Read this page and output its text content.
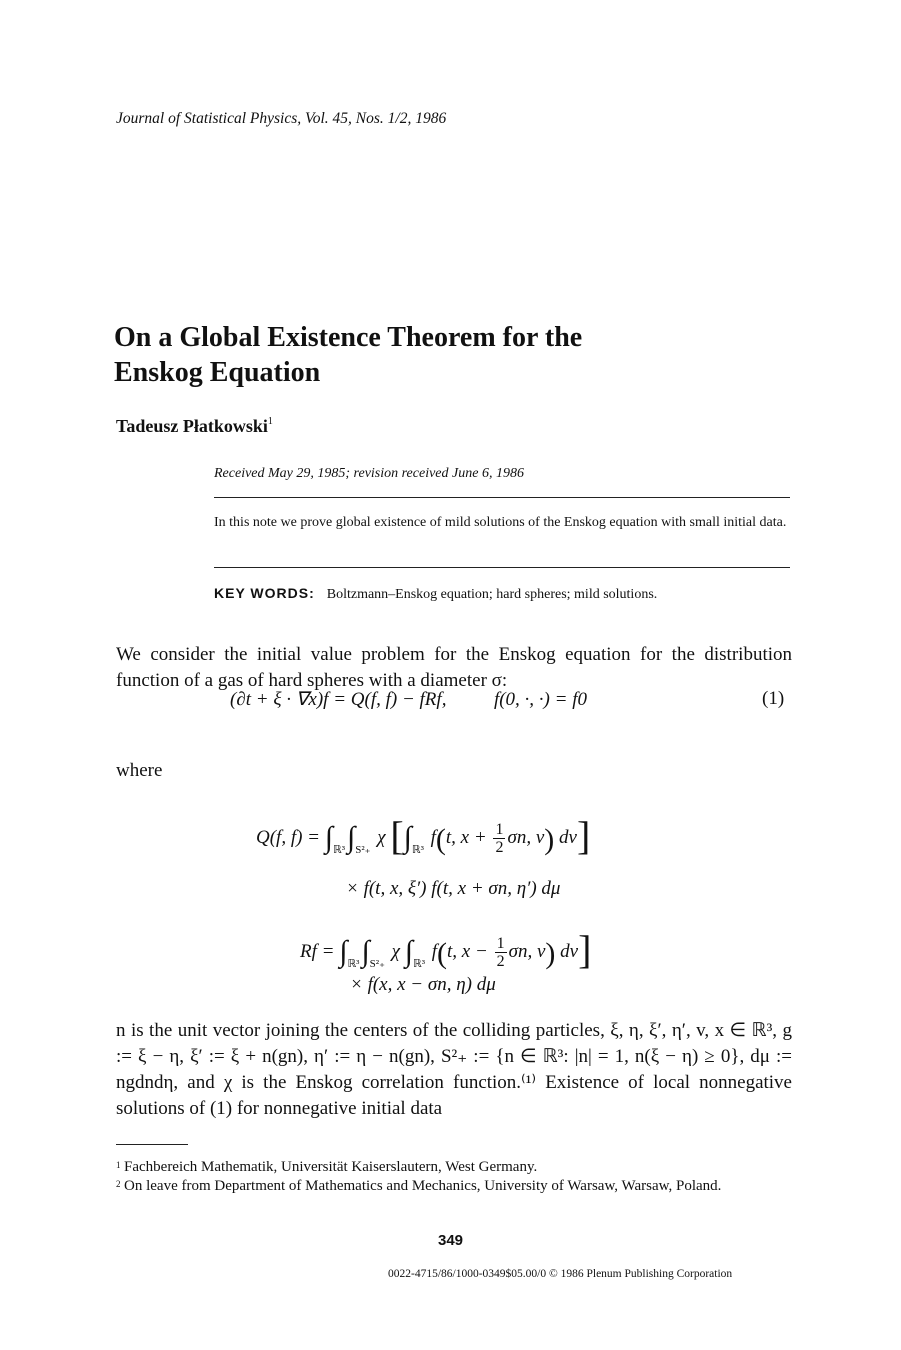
Journal of Statistical Physics, Vol. 45, Nos. 1/2, 1986
On a Global Existence Theorem for the
Enskog Equation
Tadeusz Płatkowski$^1$
Received May 29, 1985; revision received June 6, 1986
In this note we prove global existence of mild solutions of the Enskog equation with small initial data.
KEY WORDS: Boltzmann–Enskog equation; hard spheres; mild solutions.
We consider the initial value problem for the Enskog equation for the distribution function of a gas of hard spheres with a diameter σ:
(∂t + ξ · ∇x)f = Q(f, f) − fRf,	f(0, ·, ·) = f0	(1)
where
Q(f, $f) = \int_{ℝ^3}\int_{S^2_+}$ χ [$\int_{ℝ^3}$ f(t, $x + \frac{1}{2} \sigma n$, v) dv]
× f(t, x, ξ′) f(t, x + σn, η′) dμ
$Rf = \int_{ℝ^3}\int_{S^2_+}$ χ $\int_{ℝ^3}$ f(t, $x - \frac{1}{2} \sigma n$, v) dv]
× f(x, x − σn, η) dμ
n is the unit vector joining the centers of the colliding particles, ξ, η, ξ′, η′, v, x ∈ ℝ³, g := ξ − η, ξ′ := ξ + n(gn), η′ := η − n(gn), S²₊ := {n ∈ ℝ³: |n| = 1, n(ξ − η) ≥ 0}, dμ := ngdndη, and χ is the Enskog correlation function.⁽¹⁾ Existence of local nonnegative solutions of (1) for nonnegative initial data
1 Fachbereich Mathematik, Universität Kaiserslautern, West Germany.
2 On leave from Department of Mathematics and Mechanics, University of Warsaw, Warsaw, Poland.
349
0022-4715/86/1000-0349$05.00/0 © 1986 Plenum Publishing Corporation
